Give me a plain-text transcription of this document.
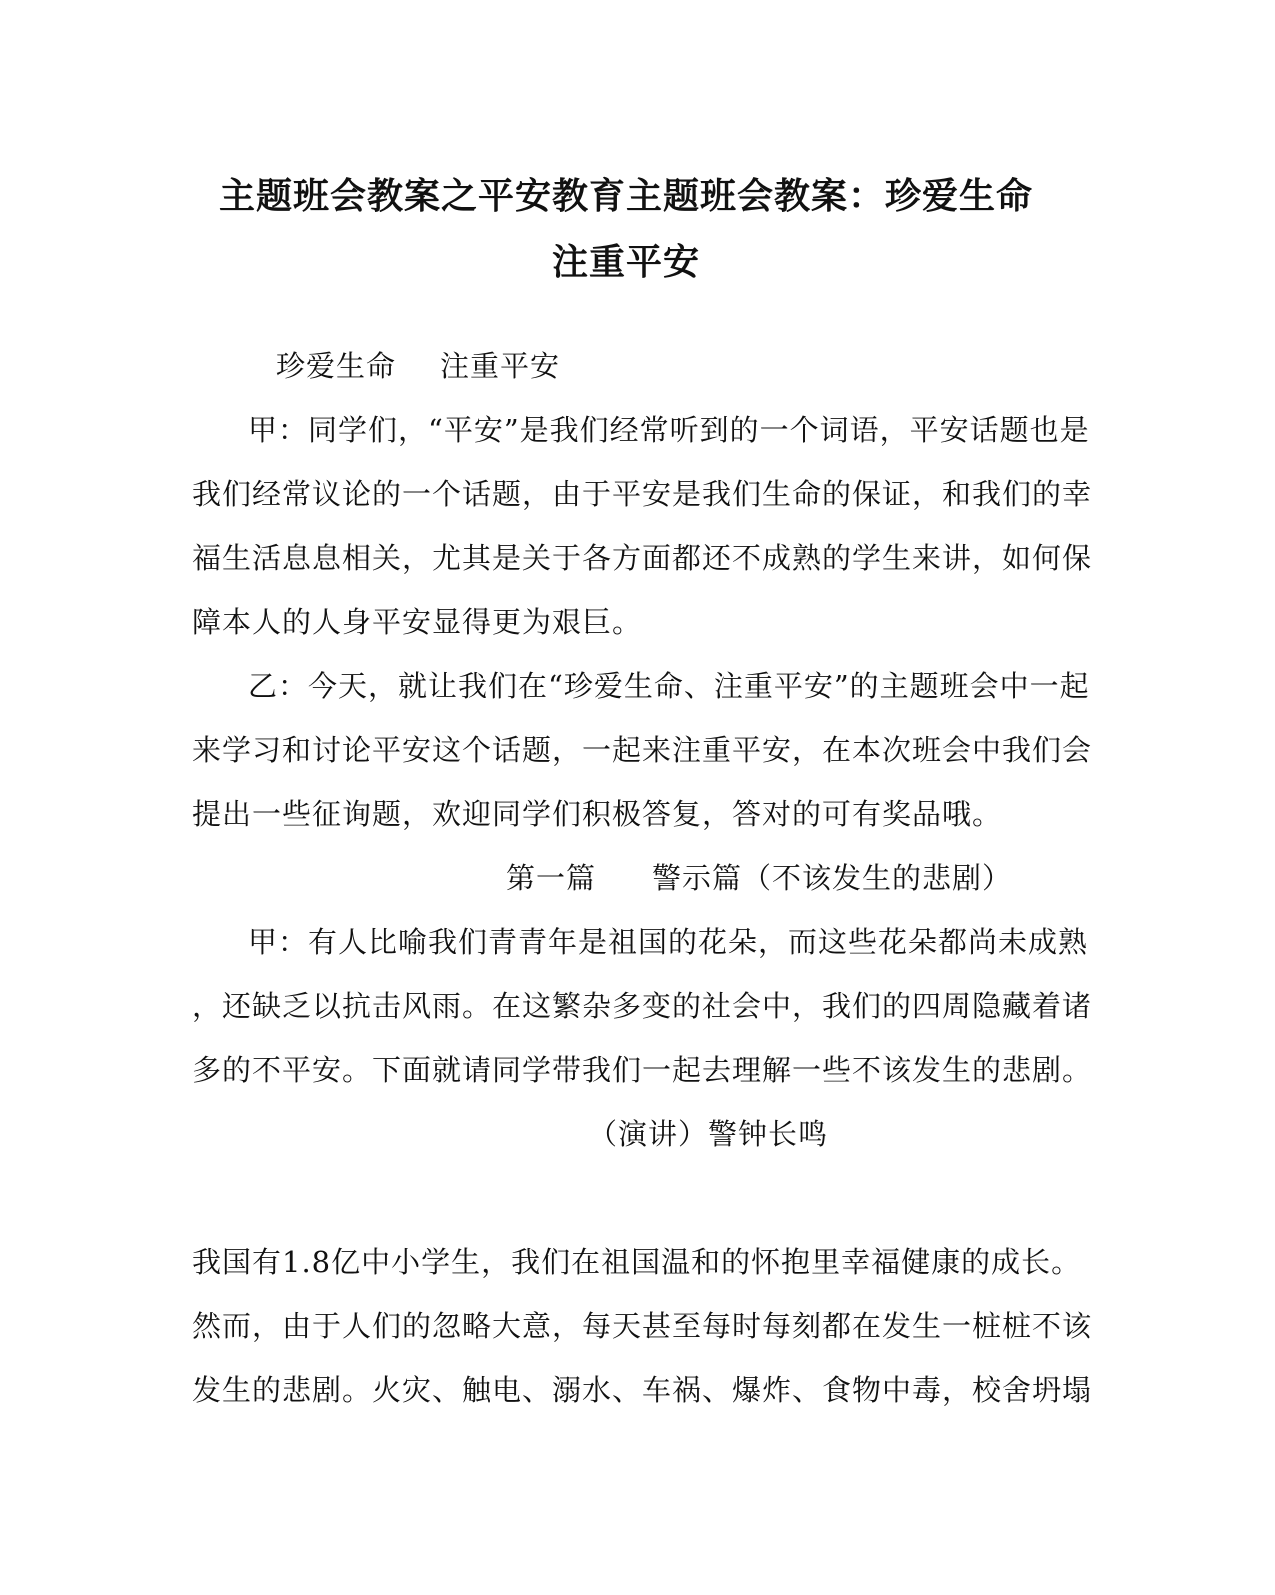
主题班会教案之平安教育主题班会教案：珍爱生命
注重平安
珍爱生命 注重平安
甲：同学们，“平安”是我们经常听到的一个词语，平安话题也是
我们经常议论的一个话题，由于平安是我们生命的保证，和我们的幸
福生活息息相关，尤其是关于各方面都还不成熟的学生来讲，如何保
障本人的人身平安显得更为艰巨。
乙：今天，就让我们在“珍爱生命、注重平安”的主题班会中一起
来学习和讨论平安这个话题，一起来注重平安，在本次班会中我们会
提出一些征询题，欢迎同学们积极答复，答对的可有奖品哦。
第一篇 警示篇（不该发生的悲剧）
甲：有人比喻我们青青年是祖国的花朵，而这些花朵都尚未成熟
，还缺乏以抗击风雨。在这繁杂多变的社会中，我们的四周隐藏着诸
多的不平安。下面就请同学带我们一起去理解一些不该发生的悲剧。
（演讲）警钟长鸣
我国有1.8亿中小学生，我们在祖国温和的怀抱里幸福健康的成长。
然而，由于人们的忽略大意，每天甚至每时每刻都在发生一桩桩不该
发生的悲剧。火灾、触电、溺水、车祸、爆炸、食物中毒，校舍坍塌
